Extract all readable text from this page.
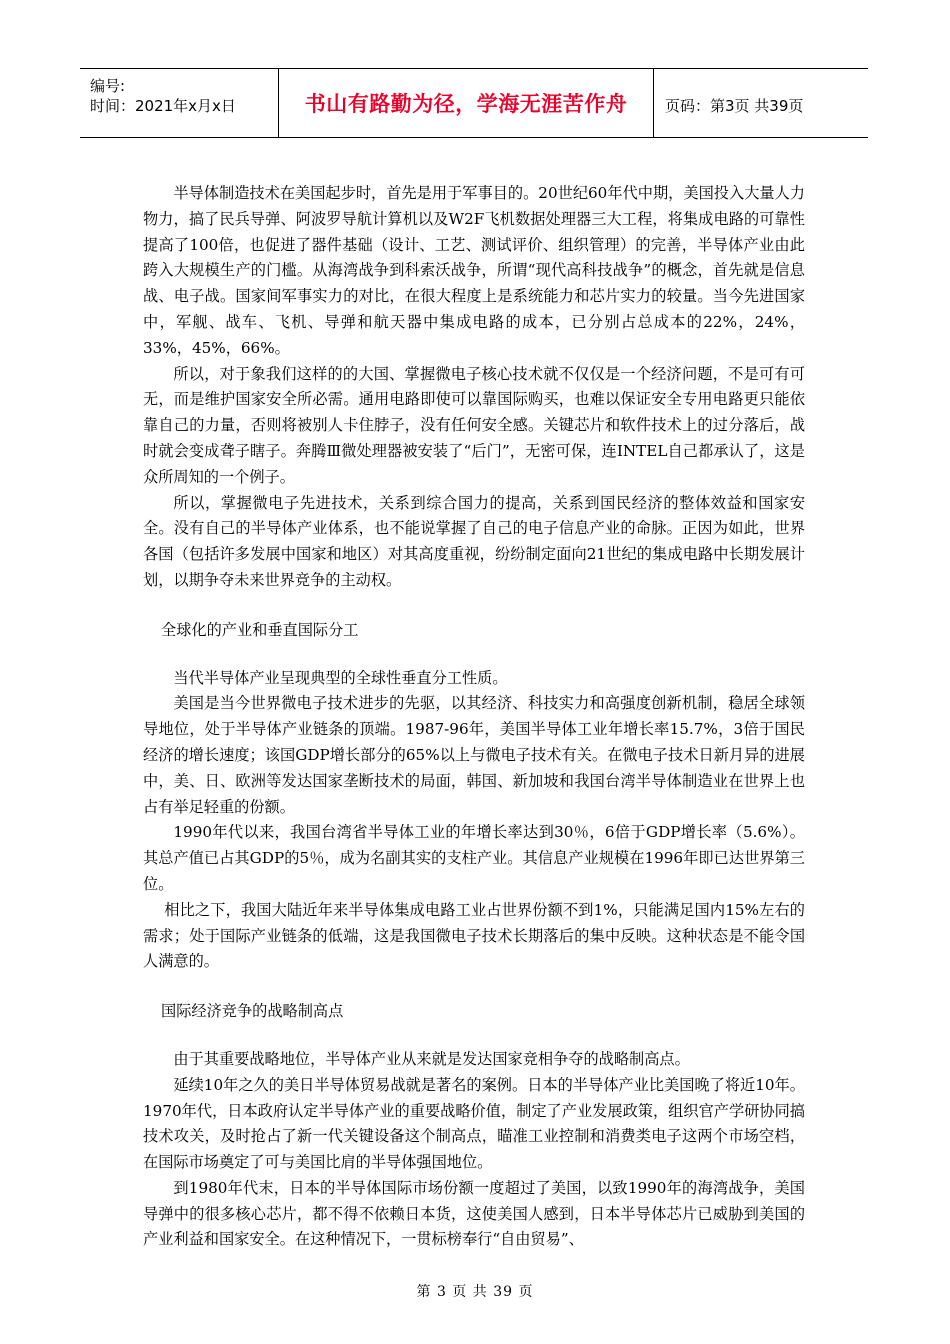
编号:
时间：2021年x月x日	书山有路勤为径，学海无涯苦作舟	页码：第3页 共39页

半导体制造技术在美国起步时，首先是用于军事目的。20世纪60年代中期，美国投入大量人力物力，搞了民兵导弹、阿波罗导航计算机以及W2F飞机数据处理器三大工程，将集成电路的可靠性提高了100倍，也促进了器件基础（设计、工艺、测试评价、组织管理）的完善，半导体产业由此跨入大规模生产的门槛。从海湾战争到科索沃战争，所谓“现代高科技战争”的概念，首先就是信息战、电子战。国家间军事实力的对比，在很大程度上是系统能力和芯片实力的较量。当今先进国家中，军舰、战车、飞机、导弹和航天器中集成电路的成本，已分别占总成本的22%，24%，33%，45%，66%。

所以，对于象我们这样的的大国、掌握微电子核心技术就不仅仅是一个经济问题，不是可有可无，而是维护国家安全所必需。通用电路即使可以靠国际购买，也难以保证安全专用电路更只能依靠自己的力量，否则将被别人卡住脖子，没有任何安全感。关键芯片和软件技术上的过分落后，战时就会变成聋子瞎子。奔腾Ⅲ微处理器被安装了“后门”，无密可保，连INTEL自己都承认了，这是众所周知的一个例子。

所以，掌握微电子先进技术，关系到综合国力的提高，关系到国民经济的整体效益和国家安全。没有自己的半导体产业体系，也不能说掌握了自己的电子信息产业的命脉。正因为如此，世界各国（包括许多发展中国家和地区）对其高度重视，纷纷制定面向21世纪的集成电路中长期发展计划，以期争夺未来世界竞争的主动权。

全球化的产业和垂直国际分工

当代半导体产业呈现典型的全球性垂直分工性质。

美国是当今世界微电子技术进步的先驱，以其经济、科技实力和高强度创新机制，稳居全球领导地位，处于半导体产业链条的顶端。1987-96年，美国半导体工业年增长率15.7%，3倍于国民经济的增长速度；该国GDP增长部分的65%以上与微电子技术有关。在微电子技术日新月异的进展中，美、日、欧洲等发达国家垄断技术的局面，韩国、新加坡和我国台湾半导体制造业在世界上也占有举足轻重的份额。

1990年代以来，我国台湾省半导体工业的年增长率达到30％，6倍于GDP增长率（5.6%）。其总产值已占其GDP的5％，成为名副其实的支柱产业。其信息产业规模在1996年即已达世界第三位。

相比之下，我国大陆近年来半导体集成电路工业占世界份额不到1%，只能满足国内15%左右的需求；处于国际产业链条的低端，这是我国微电子技术长期落后的集中反映。这种状态是不能令国人满意的。

国际经济竞争的战略制高点

由于其重要战略地位，半导体产业从来就是发达国家竞相争夺的战略制高点。

延续10年之久的美日半导体贸易战就是著名的案例。日本的半导体产业比美国晚了将近10年。1970年代，日本政府认定半导体产业的重要战略价值，制定了产业发展政策，组织官产学研协同搞技术攻关，及时抢占了新一代关键设备这个制高点，瞄准工业控制和消费类电子这两个市场空档，在国际市场奠定了可与美国比肩的半导体强国地位。

到1980年代末，日本的半导体国际市场份额一度超过了美国，以致1990年的海湾战争，美国导弹中的很多核心芯片，都不得不依赖日本货，这使美国人感到，日本半导体芯片已威胁到美国的产业利益和国家安全。在这种情况下，一贯标榜奉行“自由贸易”、

第 3 页 共 39 页
